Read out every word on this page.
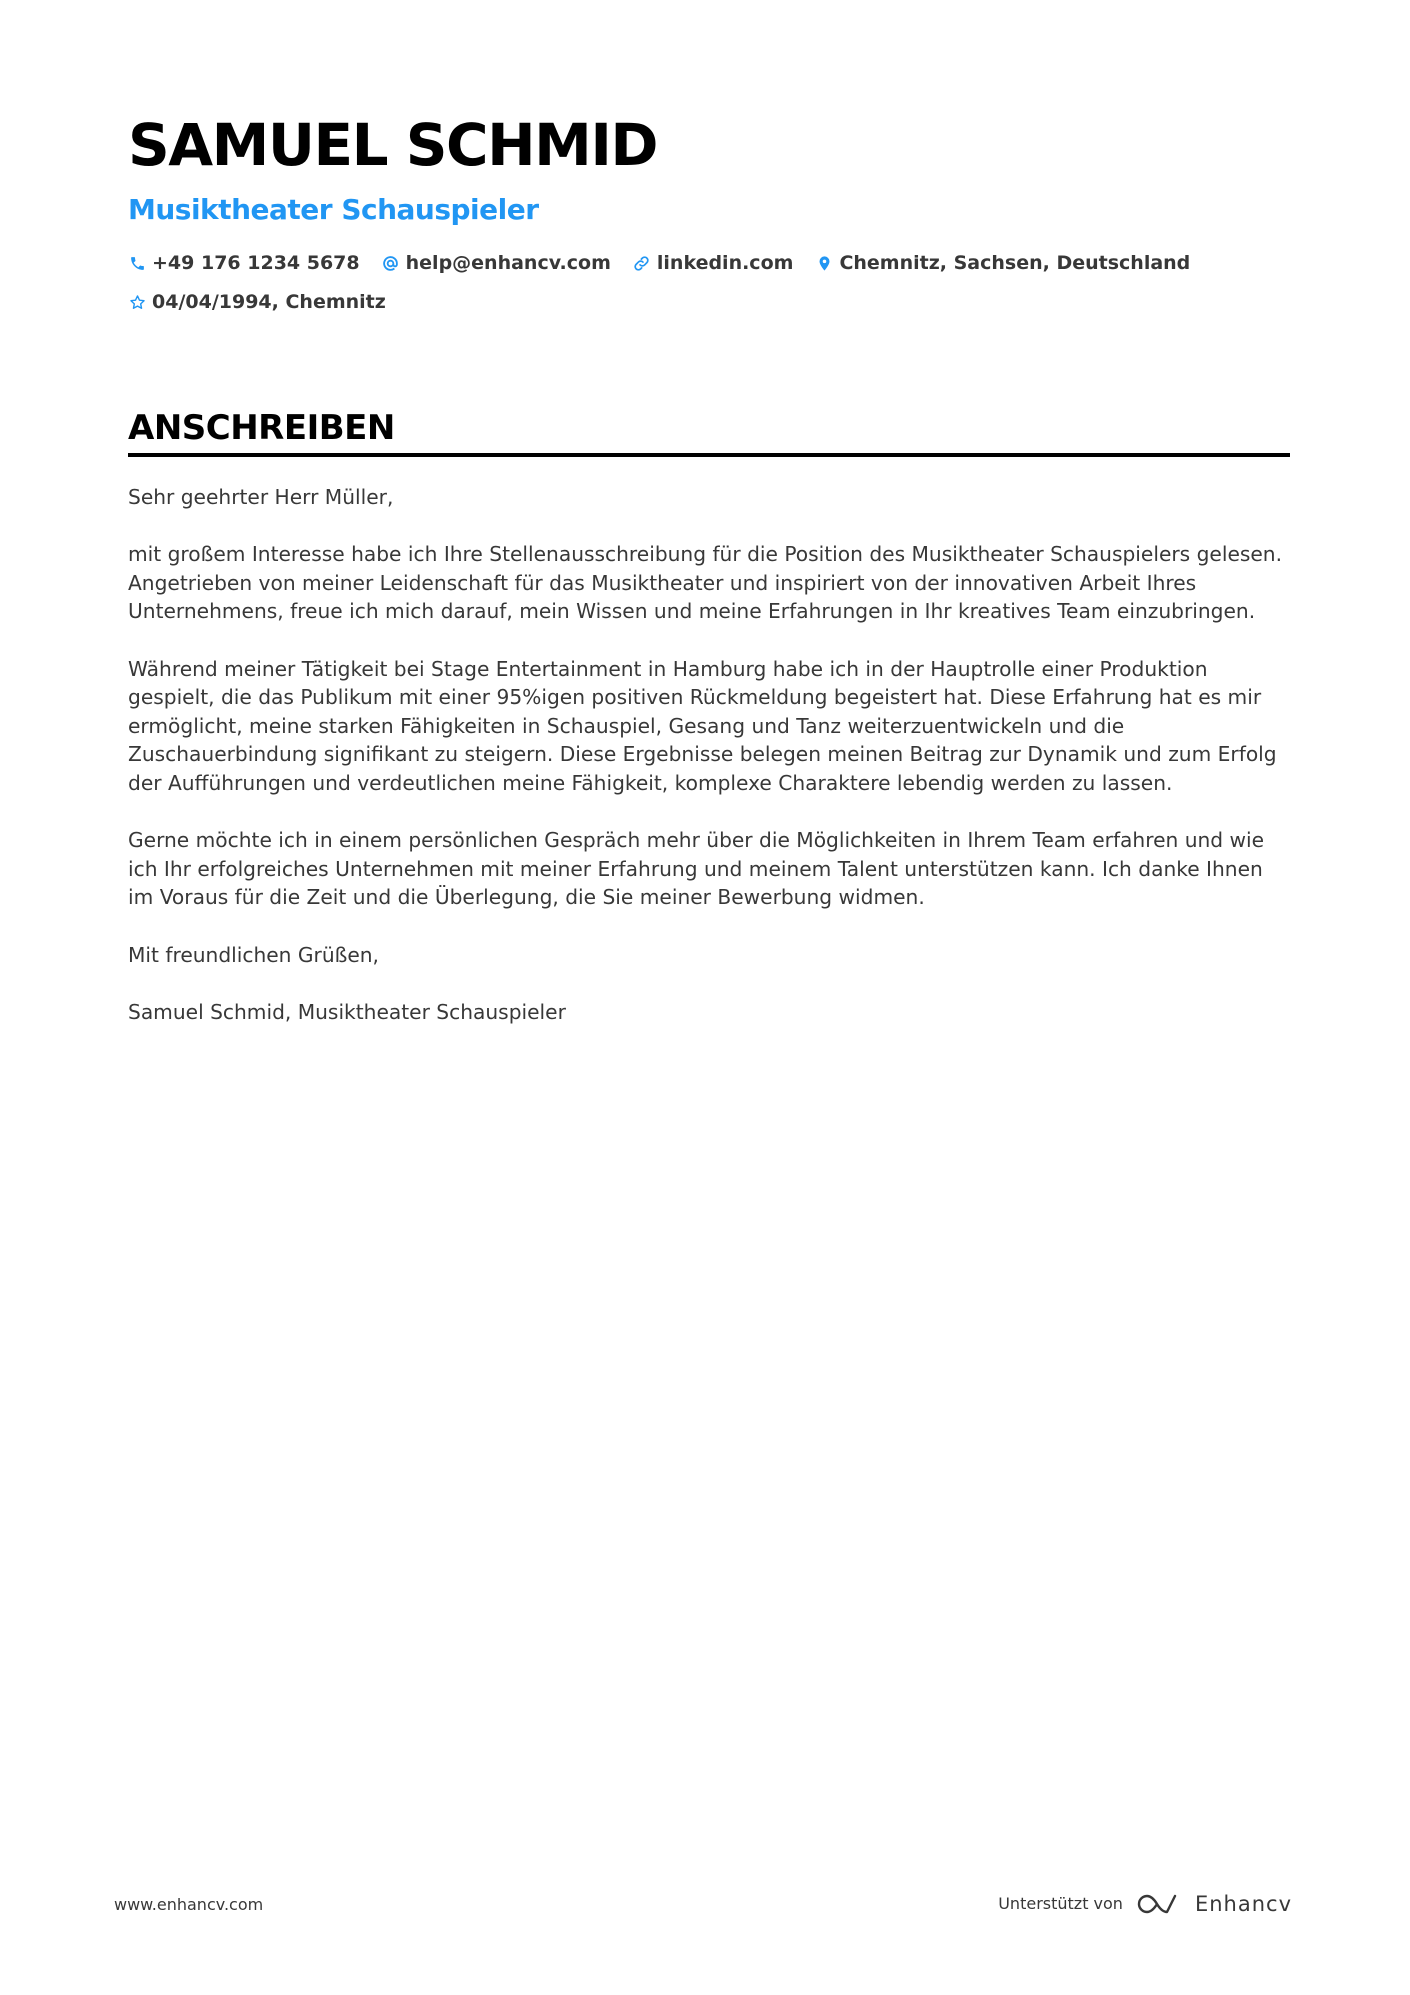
SAMUEL SCHMID
Musiktheater Schauspieler
+49 176 1234 5678 help@enhancv.com linkedin.com Chemnitz, Sachsen, Deutschland
04/04/1994, Chemnitz
ANSCHREIBEN

Sehr geehrter Herr Müller,

mit großem Interesse habe ich Ihre Stellenausschreibung für die Position des Musiktheater Schauspielers gelesen. Angetrieben von meiner Leidenschaft für das Musiktheater und inspiriert von der innovativen Arbeit Ihres Unternehmens, freue ich mich darauf, mein Wissen und meine Erfahrungen in Ihr kreatives Team einzubringen.

Während meiner Tätigkeit bei Stage Entertainment in Hamburg habe ich in der Hauptrolle einer Produktion gespielt, die das Publikum mit einer 95%igen positiven Rückmeldung begeistert hat. Diese Erfahrung hat es mir ermöglicht, meine starken Fähigkeiten in Schauspiel, Gesang und Tanz weiterzuentwickeln und die Zuschauerbindung signifikant zu steigern. Diese Ergebnisse belegen meinen Beitrag zur Dynamik und zum Erfolg der Aufführungen und verdeutlichen meine Fähigkeit, komplexe Charaktere lebendig werden zu lassen.

Gerne möchte ich in einem persönlichen Gespräch mehr über die Möglichkeiten in Ihrem Team erfahren und wie ich Ihr erfolgreiches Unternehmen mit meiner Erfahrung und meinem Talent unterstützen kann. Ich danke Ihnen im Voraus für die Zeit und die Überlegung, die Sie meiner Bewerbung widmen.

Mit freundlichen Grüßen,

Samuel Schmid, Musiktheater Schauspieler

www.enhancv.com	Unterstützt von	Enhancv
